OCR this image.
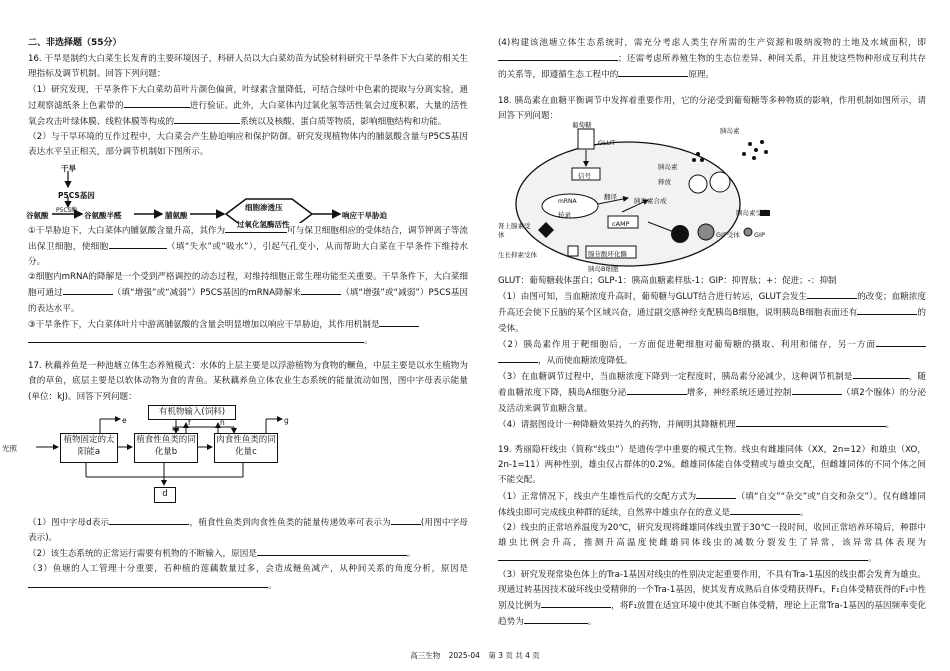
二、非选择题（55分）

16. 干旱是制约大白菜生长发育的主要环境因子，科研人员以大白菜幼苗为试验材料研究干旱条件下大白菜的相关生理指标及调节机制。回答下列问题：

（1）研究发现，干旱条件下大白菜幼苗叶片颜色偏黄，叶绿素含量降低，可结合绿叶中色素的提取与分离实验，通过观察滤纸条上色素带的	进行验证。此外，大白菜体内过氧化氢等活性氧会过度积累，大量的活性氧会攻击叶绿体膜、线粒体膜等构成的	系统以及核酸、蛋白质等物质，影响细胞结构和功能。

（2）与干旱环境的互作过程中，大白菜会产生胁迫响应和保护防御。研究发现植物体内的脯氨酸含量与P5CS基因表达水平呈正相关，部分调节机制如下图所示。

干旱
P5CS基因
谷氨酸
P5CS酶
谷氨酸半醛	脯氨酸
细胞渗透压
过氧化氢酶活性
响应干旱胁迫

①干旱胁迫下，大白菜体内脯氨酸含量升高，其作为	可与保卫细胞相应的受体结合，调节钾离子等流出保卫细胞，使细胞	（填“失水”或“吸水”），引起气孔变小，从而帮助大白菜在干旱条件下维持水分。

②细胞内mRNA的降解是一个受到严格调控的动态过程，对维持细胞正常生理功能至关重要。干旱条件下，大白菜细胞可通过	（填“增强”或“减弱”）P5CS基因的mRNA降解来	（填“增强”或“减弱”）P5CS基因的表达水平。

③干旱条件下，大白菜体叶片中游离脯氨酸的含量会明显增加以响应干旱胁迫，其作用机制是
。

17. 秋藕养鱼是一种池塘立体生态养殖模式：水体的上层主要是以浮游植物为食物的鳜鱼，中层主要是以水生植物为食的草鱼，底层主要是以软体动物为食的青鱼。某秋藕养鱼立体农业生态系统的能量流动如图，图中字母表示能量(单位：kJ)。回答下列问题：

有机物输入(饲料)
光照
植物固定的太阳能a
植食性鱼类的同化量b
肉食性鱼类的同化量c
d
e
m
f	n	g

（1）图中字母d表示	，植食性鱼类到肉食性鱼类的能量传递效率可表示为	(用图中字母表示)。

（2）该生态系统的正常运行需要有机物的不断输入，原因是	。

（3）鱼塘的人工管理十分重要，若种植的莲藕数量过多，会造成鲢鱼减产，从种间关系的角度分析，原因是。

(4)构建该池塘立体生态系统时，需充分考虑人类生存所需的生产资源和吸纳废物的土地及水域面积，即；还需考虑所养殖生物的生态位差异、种间关系，并且使这些物种形成互利共存的关系等，即遵循生态工程中的	原理。

18. 胰岛素在血糖平衡调节中发挥着重要作用，它的分泌受到葡萄糖等多种物质的影响，作用机制如图所示，请回答下列问题：

葡萄糖
GLUT
信号
胰岛素释放
胰岛素
mRNA
翻译
转录
胰岛素合成
cAMP
胰岛素受体
肾上腺素受体	GIP受体 GIP
生长抑素受体	腺苷酸环化酶
胰岛B细胞

GLUT：葡萄糖载体蛋白；GLP-1：胰高血糖素样肽-1；GIP：抑胃肽；+：促进；-：抑制

（1）由图可知，当血糖浓度升高时，葡萄糖与GLUT结合进行转运，GLUT会发生	的改变；血糖浓度升高还会使下丘脑的某个区域兴奋，通过副交感神经支配胰岛B细胞，说明胰岛B细胞表面还有	的受体。

（2）胰岛素作用于靶细胞后，一方面促进靶细胞对葡萄糖的摄取、利用和储存，另一方面，从而使血糖浓度降低。

（3）在血糖调节过程中，当血糖浓度下降到一定程度时，胰岛素分泌减少，这种调节机制是	，随着血糖浓度下降，胰岛A细胞分泌	增多，神经系统还通过控制	（填2个腺体）的分泌及活动来调节血糖含量。

（4）请据图设计一种降糖效果持久的药物，并阐明其降糖机理	。

19. 秀丽隐杆线虫（简称“线虫”）是遗传学中重要的模式生物。线虫有雌雄同体（XX，2n=12）和雄虫（XO，2n-1=11）两种性别，雄虫仅占群体的0.2%。雌雄同体能自体受精或与雄虫交配，但雌雄同体的不同个体之间不能交配。

（1）正常情况下，线虫产生雄性后代的交配方式为	（填“自交”“杂交”或“自交和杂交”）。仅有雌雄同体线虫即可完成线虫种群的延续，自然界中雄虫存在的意义是	。

（2）线虫的正常培养温度为20℃，研究发现将雌雄同体线虫置于30℃一段时间，收回正常培养环境后，种群中雄虫比例会升高，推测升高温度使雌雄同体线虫的减数分裂发生了异常，该异常具体表现为。

（3）研究发现常染色体上的Tra-1基因对线虫的性别决定起重要作用，不具有Tra-1基因的线虫都会发育为雄虫。现通过转基因技术破坏线虫受精卵的一个Tra-1基因，使其发育成熟后自体受精获得F₁，F₁自体受精获得的F₁中性别及比例为	，将F₁放置在适宜环境中使其不断自体受精，理论上正常Tra-1基因的基因频率变化趋势为	。

高三生物 2025-04 第 3 页 共 4 页
